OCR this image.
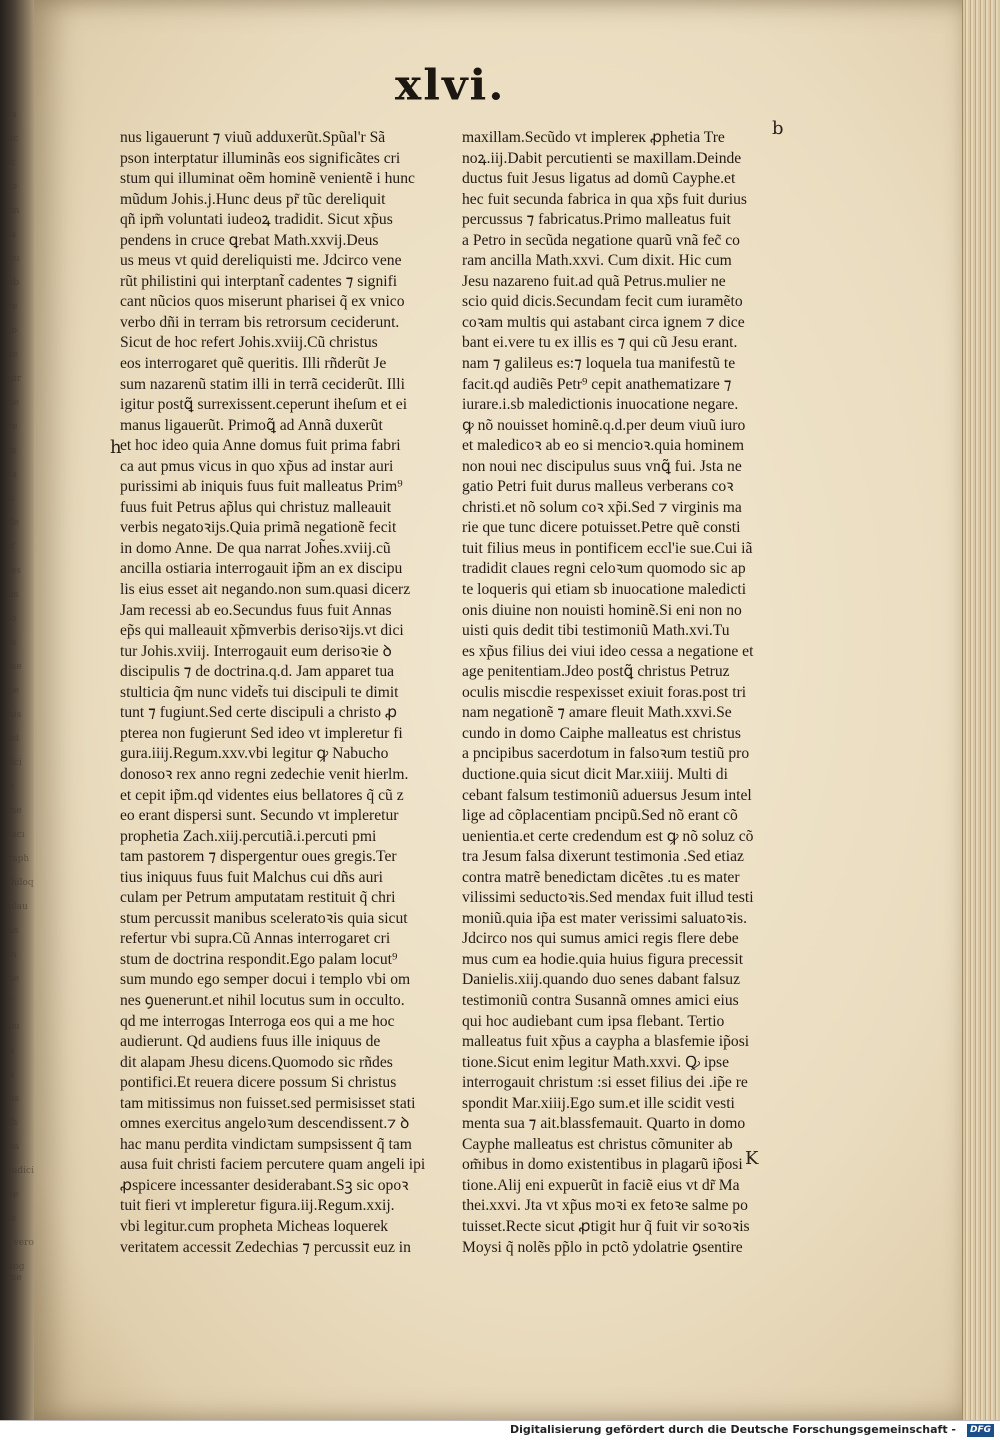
fa
ac
ic
to
im
ia
bu
ab
re
Jo
se
gir
ne
re
m
ta
n
de
d'
ies
lis
io
m
me
pe
nis
ad
fici
n
me
facı
raph
ihiloq
plau
us
in
ne
f
pu
n
n
tis
th
na
Judici
ve
ie
i vero
eog me
xlvi.
nus ligauerunt ⁊ viuũ adduxerũt.Spũal'r Sã
pson interptatur illuminãs eos significãtes cri
stum qui illuminat oẽm hominẽ venientẽ i hunc
mũdum Johis.j.Hunc deus pr̃ tũc dereliquit
qñ ipm̃ voluntati iudeoꝝ tradidit. Sicut xp̃us
pendens in cruce ꝗrebat Math.xxvij.Deus
us meus vt quid dereliquisti me. Jdcirco vene
rũt philistini qui interptant̃ cadentes ⁊ signifi
cant nũcios quos miserunt pharisei q̃ ex vnico
verbo dñi in terram bis retrorsum ceciderunt.
Sicut de hoc refert Johis.xviij.Cũ christus
eos interrogaret quẽ queritis. Illi rñderũt Je
sum nazarenũ statim illi in terrã ceciderũt. Illi
igitur postꝗ̃ surrexissent.ceperunt iheſum et ei
manus ligauerũt. Primoꝗ̃ ad Annã duxerũt
et hoc ideo quia Anne domus fuit prima fabri
ca aut pmus vicus in quo xp̃us ad instar auri
purissimi ab iniquis fuus fuit malleatus Prim⁹
fuus fuit Petrus ap̃lus qui christuz malleauit
verbis negatoꝛijs.Quia primã negationẽ fecit
in domo Anne. De qua narrat Joh̃es.xviij.cũ
ancilla ostiaria interrogauit ip̃m an ex discipu
lis eius esset ait negando.non sum.quasi dicerz
Jam recessi ab eo.Secundus fuus fuit Annas
ep̃s qui malleauit xp̃mverbis derisoꝛijs.vt dici
tur Johis.xviij. Interrogauit eum derisoꝛie ꝺ
discipulis ⁊ de doctrina.q.d. Jam apparet tua
stulticia q̃m nunc videt̃s tui discipuli te dimit
tunt ⁊ fugiunt.Sed certe discipuli a christo ꝓ
pterea non fugierunt Sed ideo vt impleretur fi
gura.iiij.Regum.xxv.vbi legitur ꝙ Nabucho
donosoꝛ rex anno regni zedechie venit hierlm.
et cepit ip̃m.qd videntes eius bellatores q̃ cũ z
eo erant dispersi sunt. Secundo vt impleretur
prophetia Zach.xiij.percutiã.i.percuti pmi
tam pastorem ⁊ dispergentur oues gregis.Ter
tius iniquus fuus fuit Malchus cui dñs auri
culam per Petrum amputatam restituit q̃ chri
stum percussit manibus sceleratoꝛis quia sicut
refertur vbi supra.Cũ Annas interrogaret cri
stum de doctrina respondit.Ego palam locut⁹
sum mundo ego semper docui i templo vbi om
nes ꝯuenerunt.et nihil locutus sum in occulto.
qd me interrogas Interroga eos qui a me hoc
audierunt. Qd audiens fuus ille iniquus de
dit alapam Jhesu dicens.Quomodo sic rñdes
pontifici.Et reuera dicere possum Si christus
tam mitissimus non fuisset.sed permisisset stati
omnes exercitus angeloꝛum descendissent.⁊ ꝺ
hac manu perdita vindictam sumpsissent q̃ tam
ausa fuit christi faciem percutere quam angeli ipi
ꝓspicere incessanter desiderabant.Sꝫ sic opoꝛ
tuit fieri vt impleretur figura.iij.Regum.xxij.
vbi legitur.cum propheta Micheas loquerek
veritatem accessit Zedechias ⁊ percussit euz in
maxillam.Secũdo vt implereĸ ꝓphetia Tre
noꝝ.iij.Dabit percutienti se maxillam.Deinde
ductus fuit Jesus ligatus ad domũ Cayphe.et
hec fuit secunda fabrica in qua xp̃s fuit durius
percussus ⁊ fabricatus.Primo malleatus fuit
a Petro in secũda negatione quarũ vnã fec̃ co
ram ancilla Math.xxvi. Cum dixit. Hic cum
Jesu nazareno fuit.ad quã Petrus.mulier ne
scio quid dicis.Secundam fecit cum iuramẽto
coꝛam multis qui astabant circa ignem ⁊ dice
bant ei.vere tu ex illis es ⁊ qui cũ Jesu erant.
nam ⁊ galileus es:⁊ loquela tua manifestũ te
facit.qd audiẽs Petr⁹ cepit anathematizare ⁊
iurare.i.sb maledictionis inuocatione negare.
ꝙ nõ nouisset hominẽ.q.d.per deum viuũ iuro
et maledicoꝛ ab eo si mencioꝛ.quia hominem
non noui nec discipulus suus vnꝗ̃ fui. Jsta ne
gatio Petri fuit durus malleus verberans coꝛ
christi.et nõ solum coꝛ xp̃i.Sed ⁊ virginis ma
rie que tunc dicere potuisset.Petre quẽ consti
tuit filius meus in pontificem eccl'ie sue.Cui iã
tradidit claues regni celoꝛum quomodo sic ap
te loqueris qui etiam sb inuocatione maledicti
onis diuine non nouisti hominẽ.Si eni non no
uisti quis dedit tibi testimoniũ Math.xvi.Tu
es xp̃us filius dei viui ideo cessa a negatione et
age penitentiam.Jdeo postꝗ̃ christus Petruz
oculis miscdie respexisset exiuit foras.post tri
nam negationẽ ⁊ amare fleuit Math.xxvi.Se
cundo in domo Caiphe malleatus est christus
a pncipibus sacerdotum in falsoꝛum testiũ pro
ductione.quia sicut dicit Mar.xiiij. Multi di
cebant falsum testimoniũ aduersus Jesum intel
lige ad cõplacentiam pncipũ.Sed nõ erant cõ
uenientia.et certe credendum est ꝙ nõ soluz cõ
tra Jesum falsa dixerunt testimonia .Sed etiaz
contra matrẽ benedictam dicẽtes .tu es mater
vilissimi seductoꝛis.Sed mendax fuit illud testi
moniũ.quia ip̃a est mater verissimi saluatoꝛis.
Jdcirco nos qui sumus amici regis flere debe
mus cum ea hodie.quia huius figura precessit
Danielis.xiij.quando duo senes dabant falsuz
testimoniũ contra Susannã omnes amici eius
qui hoc audiebant cum ipsa flebant. Tertio
malleatus fuit xp̃us a caypha a blasfemie ip̃osi
tione.Sicut enim legitur Math.xxvi. Ꝙ ipse
interrogauit christum :si esset filius dei .ip̃e re
spondit Mar.xiiij.Ego sum.et ille scidit vesti
menta sua ⁊ ait.blassfemauit. Quarto in domo
Cayphe malleatus est christus cõmuniter ab
om̃ibus in domo existentibus in plagarũ ip̃osi
tione.Alij eni expuerũt in faciẽ eius vt dr̃ Ma
thei.xxvi. Jta vt xp̃us moꝛi ex fetoꝛe salme po
tuisset.Recte sicut ꝓtigit hur q̃ fuit vir soꝛoꝛis
Moysi q̃ nolẽs pp̃lo in pctõ ydolatrie ꝯsentire
h
b
K
Digitalisierung gefördert durch die Deutsche Forschungsgemeinschaft -	DFG
